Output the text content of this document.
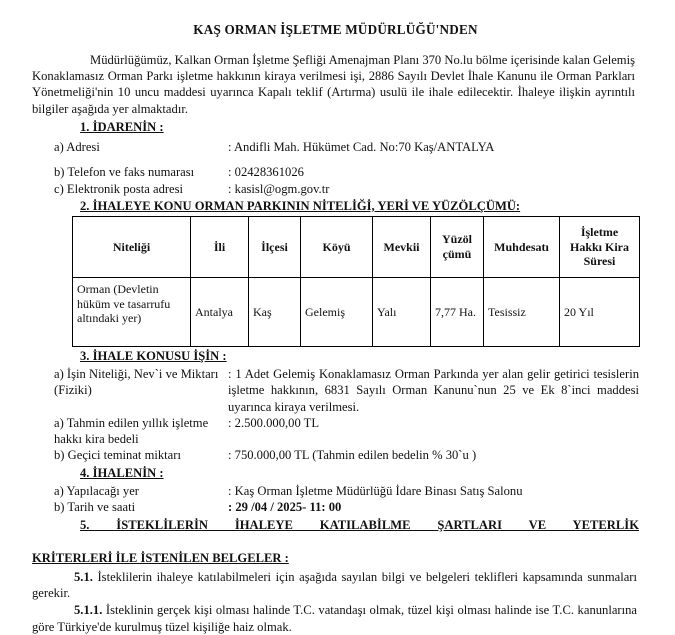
KAŞ ORMAN İŞLETME MÜDÜRLÜĞÜ'NDEN

Müdürlüğümüz, Kalkan Orman İşletme Şefliği Amenajman Planı 370 No.lu bölme içerisinde kalan Gelemiş Konaklamasız Orman Parkı işletme hakkının kiraya verilmesi işi, 2886 Sayılı Devlet İhale Kanunu ile Orman Parkları Yönetmeliği'nin 10 uncu maddesi uyarınca Kapalı teklif (Artırma) usulü ile ihale edilecektir. İhaleye ilişkin ayrıntılı bilgiler aşağıda yer almaktadır.

1. İDARENİN :
a) Adresi	: Andifli Mah. Hükümet Cad. No:70 Kaş/ANTALYA
b) Telefon ve faks numarası	: 02428361026
c) Elektronik posta adresi	: kasisl@ogm.gov.tr
2. İHALEYE KONU ORMAN PARKININ NİTELİĞİ, YERİ VE YÜZÖLÇÜMÜ:
Niteliği	İli	İlçesi	Köyü	Mevkii	Yüzöl çümü	Muhdesatı	İşletme Hakkı Kira Süresi
Orman (Devletin hüküm ve tasarrufu altındaki yer)	Antalya	Kaş	Gelemiş	Yalı	7,77 Ha.	Tesissiz	20 Yıl
3. İHALE KONUSU İŞİN :
a) İşin Niteliği, Nev`i ve Miktarı (Fiziki)
: 1 Adet Gelemiş Konaklamasız Orman Parkında yer alan gelir getirici tesislerin işletme hakkının, 6831 Sayılı Orman Kanunu`nun 25 ve Ek 8`inci maddesi uyarınca kiraya verilmesi.
a) Tahmin edilen yıllık işletme hakkı kira bedeli
: 2.500.000,00 TL
b) Geçici teminat miktarı	: 750.000,00 TL (Tahmin edilen bedelin % 30`u )
4. İHALENİN :
a) Yapılacağı yer	: Kaş Orman İşletme Müdürlüğü İdare Binası Satış Salonu
b) Tarih ve saati	: 29 /04 / 2025- 11: 00
5. İSTEKLİLERİN İHALEYE KATILABİLME ŞARTLARI VE YETERLİK
KRİTERLERİ İLE İSTENİLEN BELGELER :

5.1. İsteklilerin ihaleye katılabilmeleri için aşağıda sayılan bilgi ve belgeleri teklifleri kapsamında sunmaları gerekir.

5.1.1. İsteklinin gerçek kişi olması halinde T.C. vatandaşı olmak, tüzel kişi olması halinde ise T.C. kanunlarına göre Türkiye'de kurulmuş tüzel kişiliğe haiz olmak.
